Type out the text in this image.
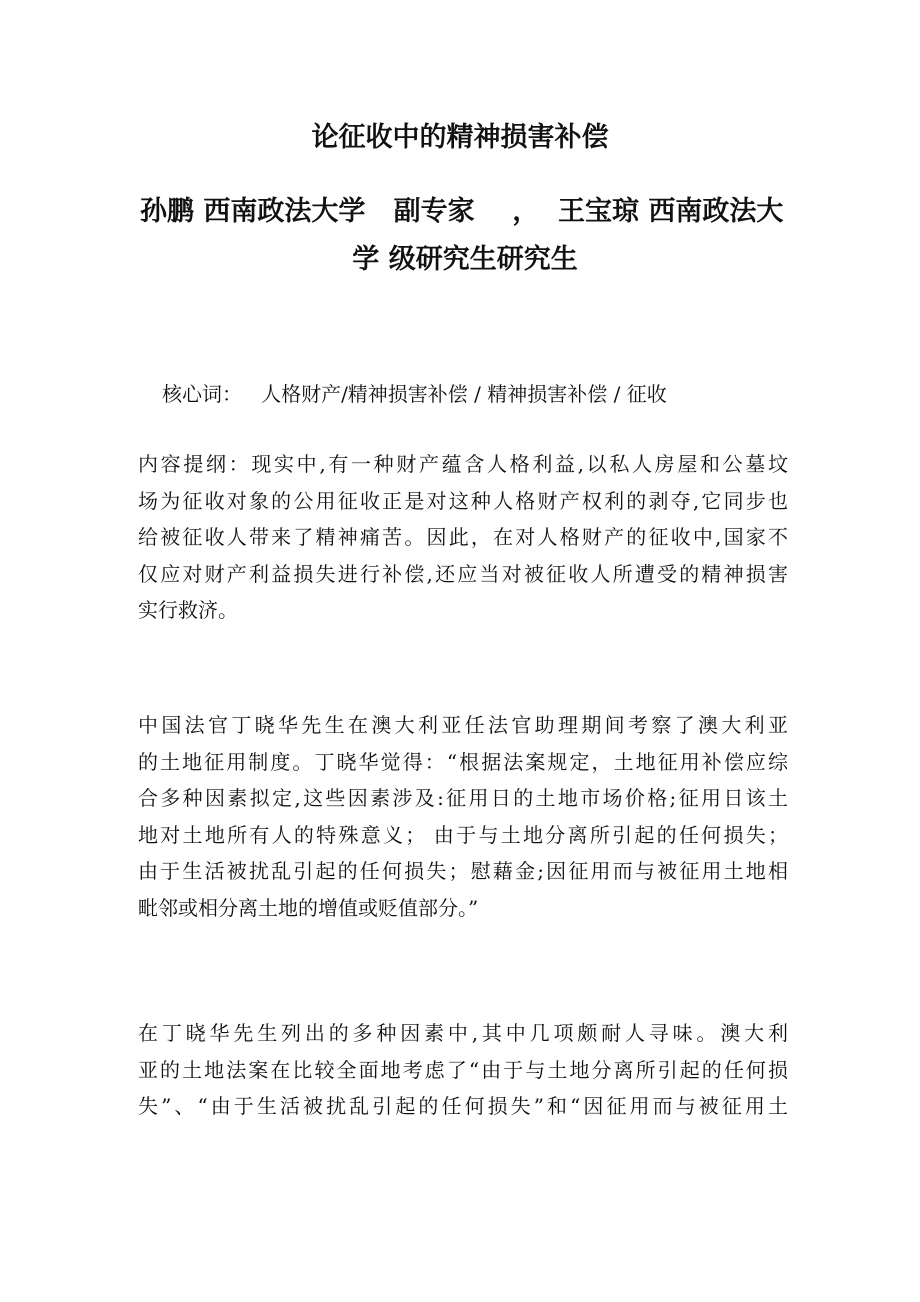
论征收中的精神损害补偿
孙鹏 西南政法大学   副专家    ，  王宝琼 西南政法大
学 级研究生研究生
核心词：   人格财产/精神损害补偿 / 精神损害补偿 / 征收
内容提纲：现实中,有一种财产蕴含人格利益,以私人房屋和公墓坟
场为征收对象的公用征收正是对这种人格财产权利的剥夺,它同步也
给被征收人带来了精神痛苦。因此，在对人格财产的征收中,国家不
仅应对财产利益损失进行补偿,还应当对被征收人所遭受的精神损害
实行救济。
中国法官丁晓华先生在澳大利亚任法官助理期间考察了澳大利亚
的土地征用制度。丁晓华觉得：“根据法案规定，土地征用补偿应综
合多种因素拟定,这些因素涉及:征用日的土地市场价格;征用日该土
地对土地所有人的特殊意义； 由于与土地分离所引起的任何损失；
由于生活被扰乱引起的任何损失；慰藉金;因征用而与被征用土地相
毗邻或相分离土地的增值或贬值部分。”
在丁晓华先生列出的多种因素中,其中几项颇耐人寻味。澳大利
亚的土地法案在比较全面地考虑了“由于与土地分离所引起的任何损
失”、“由于生活被扰乱引起的任何损失”和“因征用而与被征用土
